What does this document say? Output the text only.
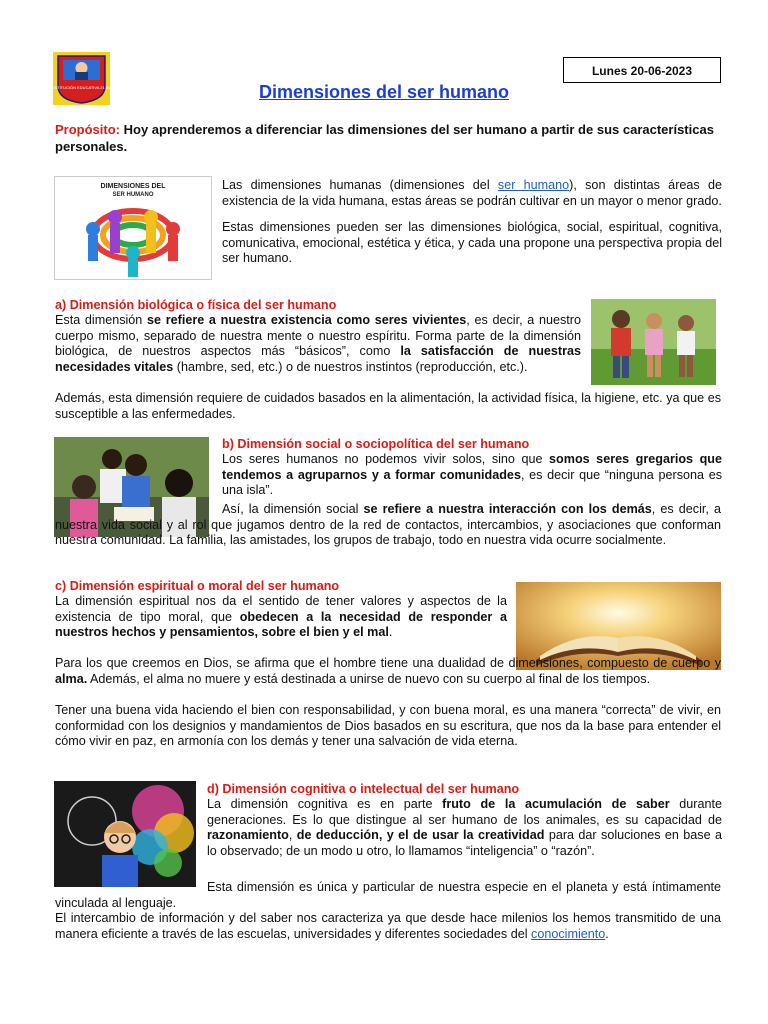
INSTITUCIÓN EDUCATIVA 21 508
Lunes 20-06-2023
Dimensiones del ser humano
Propósito: Hoy aprenderemos a diferenciar las dimensiones del ser humano a partir de sus características personales.
DIMENSIONES DEL
SER HUMANO
Las dimensiones humanas (dimensiones del ser humano), son distintas áreas de existencia de la vida humana, estas áreas se podrán cultivar en un mayor o menor grado.
Estas dimensiones pueden ser las dimensiones biológica, social, espiritual, cognitiva, comunicativa, emocional, estética y ética, y cada una propone una perspectiva propia del ser humano.
a) Dimensión biológica o física del ser humano
Esta dimensión se refiere a nuestra existencia como seres vivientes, es decir, a nuestro cuerpo mismo, separado de nuestra mente o nuestro espíritu. Forma parte de la dimensión biológica, de nuestros aspectos más “básicos”, como la satisfacción de nuestras necesidades vitales (hambre, sed, etc.) o de nuestros instintos (reproducción, etc.).
Además, esta dimensión requiere de cuidados basados en la alimentación, la actividad física, la higiene, etc. ya que es susceptible a las enfermedades.
b) Dimensión social o sociopolítica del ser humano
Los seres humanos no podemos vivir solos, sino que somos seres gregarios que tendemos a agruparnos y a formar comunidades, es decir que “ninguna persona es una isla”.
Así, la dimensión social se refiere a nuestra interacción con los demás, es decir, a nuestra vida social y al rol que jugamos dentro de la red de contactos, intercambios, y asociaciones que conforman nuestra comunidad. La familia, las amistades, los grupos de trabajo, todo en nuestra vida ocurre socialmente.
c) Dimensión espiritual o moral del ser humano
La dimensión espiritual nos da el sentido de tener valores y aspectos de la existencia de tipo moral, que obedecen a la necesidad de responder a nuestros hechos y pensamientos, sobre el bien y el mal.
Para los que creemos en Dios, se afirma que el hombre tiene una dualidad de dimensiones, compuesto de cuerpo y alma. Además, el alma no muere y está destinada a unirse de nuevo con su cuerpo al final de los tiempos.
Tener una buena vida haciendo el bien con responsabilidad, y con buena moral, es una manera “correcta” de vivir, en conformidad con los designios y mandamientos de Dios basados en su escritura, que nos da la base para entender el cómo vivir en paz, en armonía con los demás y tener una salvación de vida eterna.
d) Dimensión cognitiva o intelectual del ser humano
La dimensión cognitiva es en parte fruto de la acumulación de saber durante generaciones. Es lo que distingue al ser humano de los animales, es su capacidad de razonamiento, de deducción, y el de usar la creatividad para dar soluciones en base a lo observado; de un modo u otro, lo llamamos “inteligencia” o “razón”.
Esta dimensión es única y particular de nuestra especie en el planeta y está íntimamente vinculada al lenguaje.
El intercambio de información y del saber nos caracteriza ya que desde hace milenios los hemos transmitido de una manera eficiente a través de las escuelas, universidades y diferentes sociedades del conocimiento.
